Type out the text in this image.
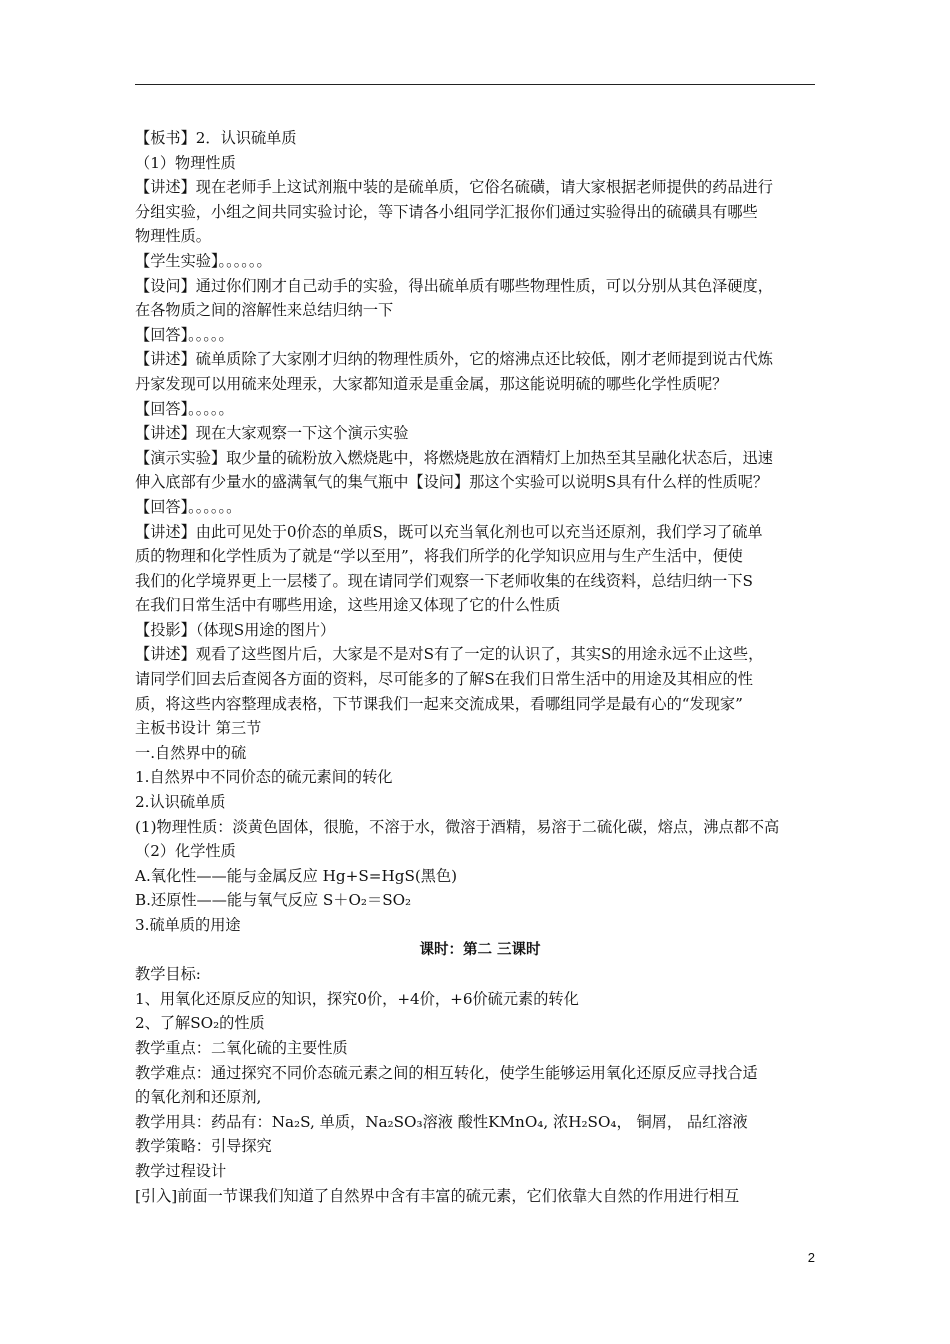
【板书】2．认识硫单质
（1）物理性质
【讲述】现在老师手上这试剂瓶中装的是硫单质，它俗名硫磺，请大家根据老师提供的药品进行
分组实验，小组之间共同实验讨论，等下请各小组同学汇报你们通过实验得出的硫磺具有哪些
物理性质。
【学生实验】。。。。。。
【设问】通过你们刚才自己动手的实验，得出硫单质有哪些物理性质，可以分别从其色泽硬度，
在各物质之间的溶解性来总结归纳一下
【回答】。。。。。
【讲述】硫单质除了大家刚才归纳的物理性质外，它的熔沸点还比较低，刚才老师提到说古代炼
丹家发现可以用硫来处理汞，大家都知道汞是重金属，那这能说明硫的哪些化学性质呢？
【回答】。。。。。
【讲述】现在大家观察一下这个演示实验
【演示实验】取少量的硫粉放入燃烧匙中，将燃烧匙放在酒精灯上加热至其呈融化状态后，迅速
伸入底部有少量水的盛满氧气的集气瓶中【设问】那这个实验可以说明S具有什么样的性质呢？
【回答】。。。。。。
【讲述】由此可见处于0价态的单质S，既可以充当氧化剂也可以充当还原剂，我们学习了硫单
质的物理和化学性质为了就是“学以至用”，将我们所学的化学知识应用与生产生活中，便使
我们的化学境界更上一层楼了。现在请同学们观察一下老师收集的在线资料，总结归纳一下S
在我们日常生活中有哪些用途，这些用途又体现了它的什么性质
【投影】（体现S用途的图片）
【讲述】观看了这些图片后，大家是不是对S有了一定的认识了，其实S的用途永远不止这些，
请同学们回去后查阅各方面的资料，尽可能多的了解S在我们日常生活中的用途及其相应的性
质，将这些内容整理成表格，下节课我们一起来交流成果，看哪组同学是最有心的“发现家”
主板书设计 第三节
一.自然界中的硫
1.自然界中不同价态的硫元素间的转化
2.认识硫单质
(1)物理性质：淡黄色固体，很脆，不溶于水，微溶于酒精，易溶于二硫化碳，熔点，沸点都不高
（2）化学性质
A.氧化性——能与金属反应 Hg+S=HgS(黑色)
B.还原性——能与氧气反应 S＋O₂＝SO₂
3.硫单质的用途
课时：第二 三课时
教学目标:
1、用氧化还原反应的知识，探究0价，+4价，+6价硫元素的转化
2、了解SO₂的性质
教学重点：二氧化硫的主要性质
教学难点：通过探究不同价态硫元素之间的相互转化，使学生能够运用氧化还原反应寻找合适
的氧化剂和还原剂,
教学用具：药品有：Na₂S, 单质，Na₂SO₃溶液 酸性KMnO₄, 浓H₂SO₄， 铜屑， 品红溶液
教学策略：引导探究
教学过程设计
[引入]前面一节课我们知道了自然界中含有丰富的硫元素，它们依靠大自然的作用进行相互
2
